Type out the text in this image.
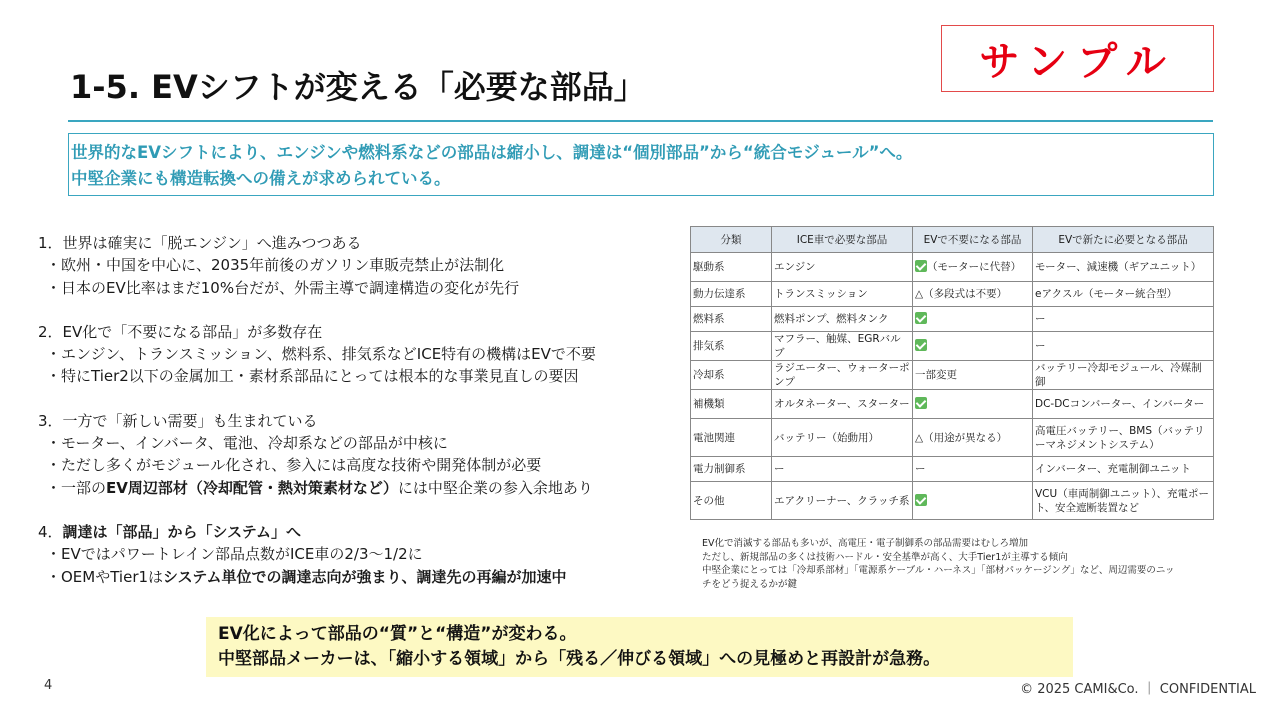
サンプル
1-5. EVシフトが変える「必要な部品」

世界的なEVシフトにより、エンジンや燃料系などの部品は縮小し、調達は“個別部品”から“統合モジュール”へ。

中堅企業にも構造転換への備えが求められている。

1．世界は確実に「脱エンジン」へ進みつつある
・欧州・中国を中心に、2035年前後のガソリン車販売禁止が法制化
・日本のEV比率はまだ10%台だが、外需主導で調達構造の変化が先行
2．EV化で「不要になる部品」が多数存在
・エンジン、トランスミッション、燃料系、排気系などICE特有の機構はEVで不要
・特にTier2以下の金属加工・素材系部品にとっては根本的な事業見直しの要因
3．一方で「新しい需要」も生まれている
・モーター、インバータ、電池、冷却系などの部品が中核に
・ただし多くがモジュール化され、参入には高度な技術や開発体制が必要
・一部のEV周辺部材（冷却配管・熱対策素材など）には中堅企業の参入余地あり
4．調達は「部品」から「システム」へ
・EVではパワートレイン部品点数がICE車の2/3～1/2に
・OEMやTier1はシステム単位での調達志向が強まり、調達先の再編が加速中
分類	ICE車で必要な部品	EVで不要になる部品	EVで新たに必要となる部品
駆動系	エンジン	（モーターに代替）	モーター、減速機（ギアユニット）
動力伝達系	トランスミッション	△（多段式は不要）	eアクスル（モーター統合型）
燃料系	燃料ポンプ、燃料タンク		ー
排気系	マフラー、触媒、EGRバルブ		ー
冷却系	ラジエーター、ウォーターポンプ	一部変更	バッテリー冷却モジュール、冷媒制御
補機類	オルタネーター、スターター		DC-DCコンバーター、インバーター
電池関連	バッテリー（始動用）	△（用途が異なる）	高電圧バッテリー、BMS（バッテリーマネジメントシステム）
電力制御系	ー	ー	インバーター、充電制御ユニット
その他	エアクリーナー、クラッチ系		VCU（車両制御ユニット）、充電ポート、安全遮断装置など

EV化で消滅する部品も多いが、高電圧・電子制御系の部品需要はむしろ増加

ただし、新規部品の多くは技術ハードル・安全基準が高く、大手Tier1が主導する傾向

中堅企業にとっては「冷却系部材」「電源系ケーブル・ハーネス」「部材パッケージング」など、周辺需要のニッ

チをどう捉えるかが鍵

EV化によって部品の“質”と“構造”が変わる。

中堅部品メーカーは、「縮小する領域」から「残る／伸びる領域」への見極めと再設計が急務。

4	© 2025 CAMI&Co. ｜ CONFIDENTIAL
